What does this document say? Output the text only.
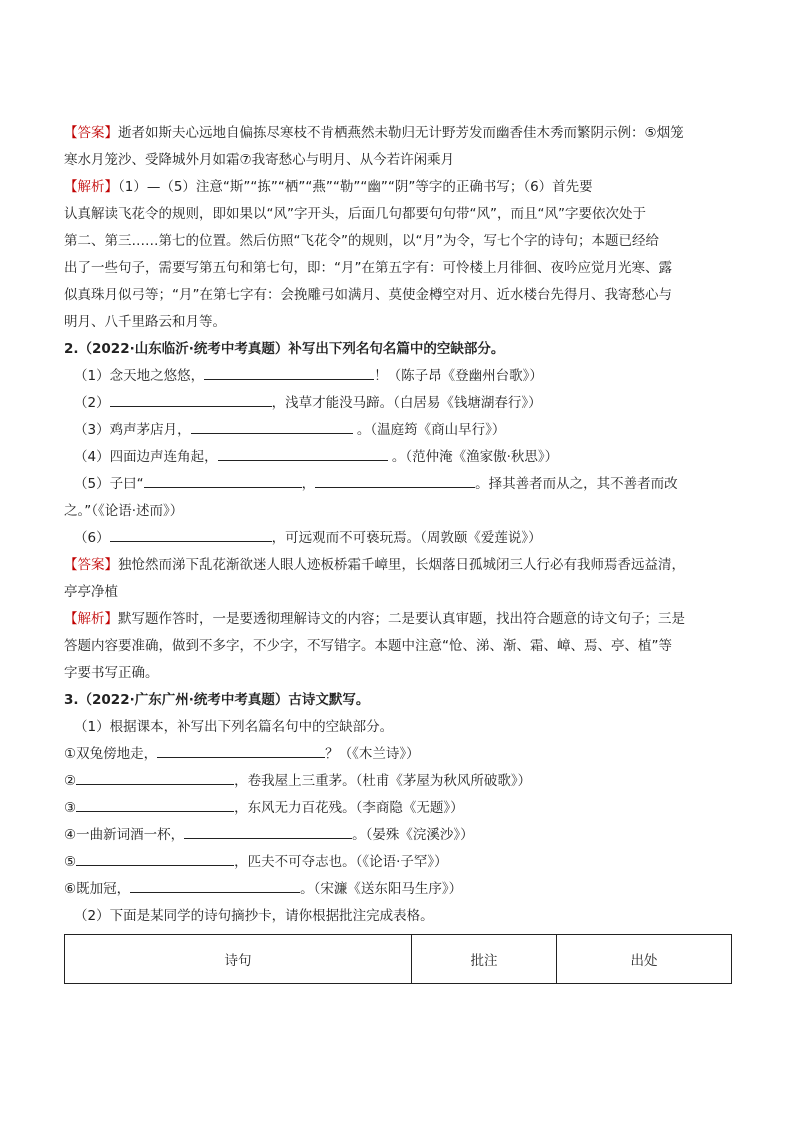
【答案】逝者如斯夫心远地自偏拣尽寒枝不肯栖燕然未勒归无计野芳发而幽香佳木秀而繁阴示例：⑤烟笼

寒水月笼沙、受降城外月如霜⑦我寄愁心与明月、从今若许闲乘月

【解析】（1）—（5）注意“斯”“拣”“栖”“燕”“勒”“幽”“阴”等字的正确书写；（6）首先要

认真解读飞花令的规则，即如果以“风”字开头，后面几句都要句句带“风”，而且“风”字要依次处于

第二、第三……第七的位置。然后仿照“飞花令”的规则，以“月”为令，写七个字的诗句；本题已经给

出了一些句子，需要写第五句和第七句，即：“月”在第五字有：可怜楼上月徘徊、夜吟应觉月光寒、露

似真珠月似弓等；“月”在第七字有：会挽雕弓如满月、莫使金樽空对月、近水楼台先得月、我寄愁心与

明月、八千里路云和月等。

2.（2022·山东临沂·统考中考真题）补写出下列名句名篇中的空缺部分。

（1）念天地之悠悠，	！（陈子昂《登幽州台歌》）

（2）	，浅草才能没马蹄。（白居易《钱塘湖春行》）

（3）鸡声茅店月，	。（温庭筠《商山早行》）

（4）四面边声连角起，	。（范仲淹《渔家傲·秋思》）

（5）子曰“	，	。择其善者而从之，其不善者而改

之。”（《论语·述而》）

（6）	，可远观而不可亵玩焉。（周敦颐《爱莲说》）

【答案】独怆然而涕下乱花渐欲迷人眼人迹板桥霜千嶂里，长烟落日孤城闭三人行必有我师焉香远益清，

亭亭净植

【解析】默写题作答时，一是要透彻理解诗文的内容；二是要认真审题，找出符合题意的诗文句子；三是

答题内容要准确，做到不多字，不少字，不写错字。本题中注意“怆、涕、渐、霜、嶂、焉、亭、植”等

字要书写正确。

3.（2022·广东广州·统考中考真题）古诗文默写。

（1）根据课本，补写出下列名篇名句中的空缺部分。

①双兔傍地走，	？（《木兰诗》）

②	，卷我屋上三重茅。（杜甫《茅屋为秋风所破歌》）

③	，东风无力百花残。（李商隐《无题》）

④一曲新词酒一杯，	。（晏殊《浣溪沙》）

⑤	，匹夫不可夺志也。（《论语·子罕》）

⑥既加冠，	。（宋濂《送东阳马生序》）

（2）下面是某同学的诗句摘抄卡，请你根据批注完成表格。

诗句	批注	出处
